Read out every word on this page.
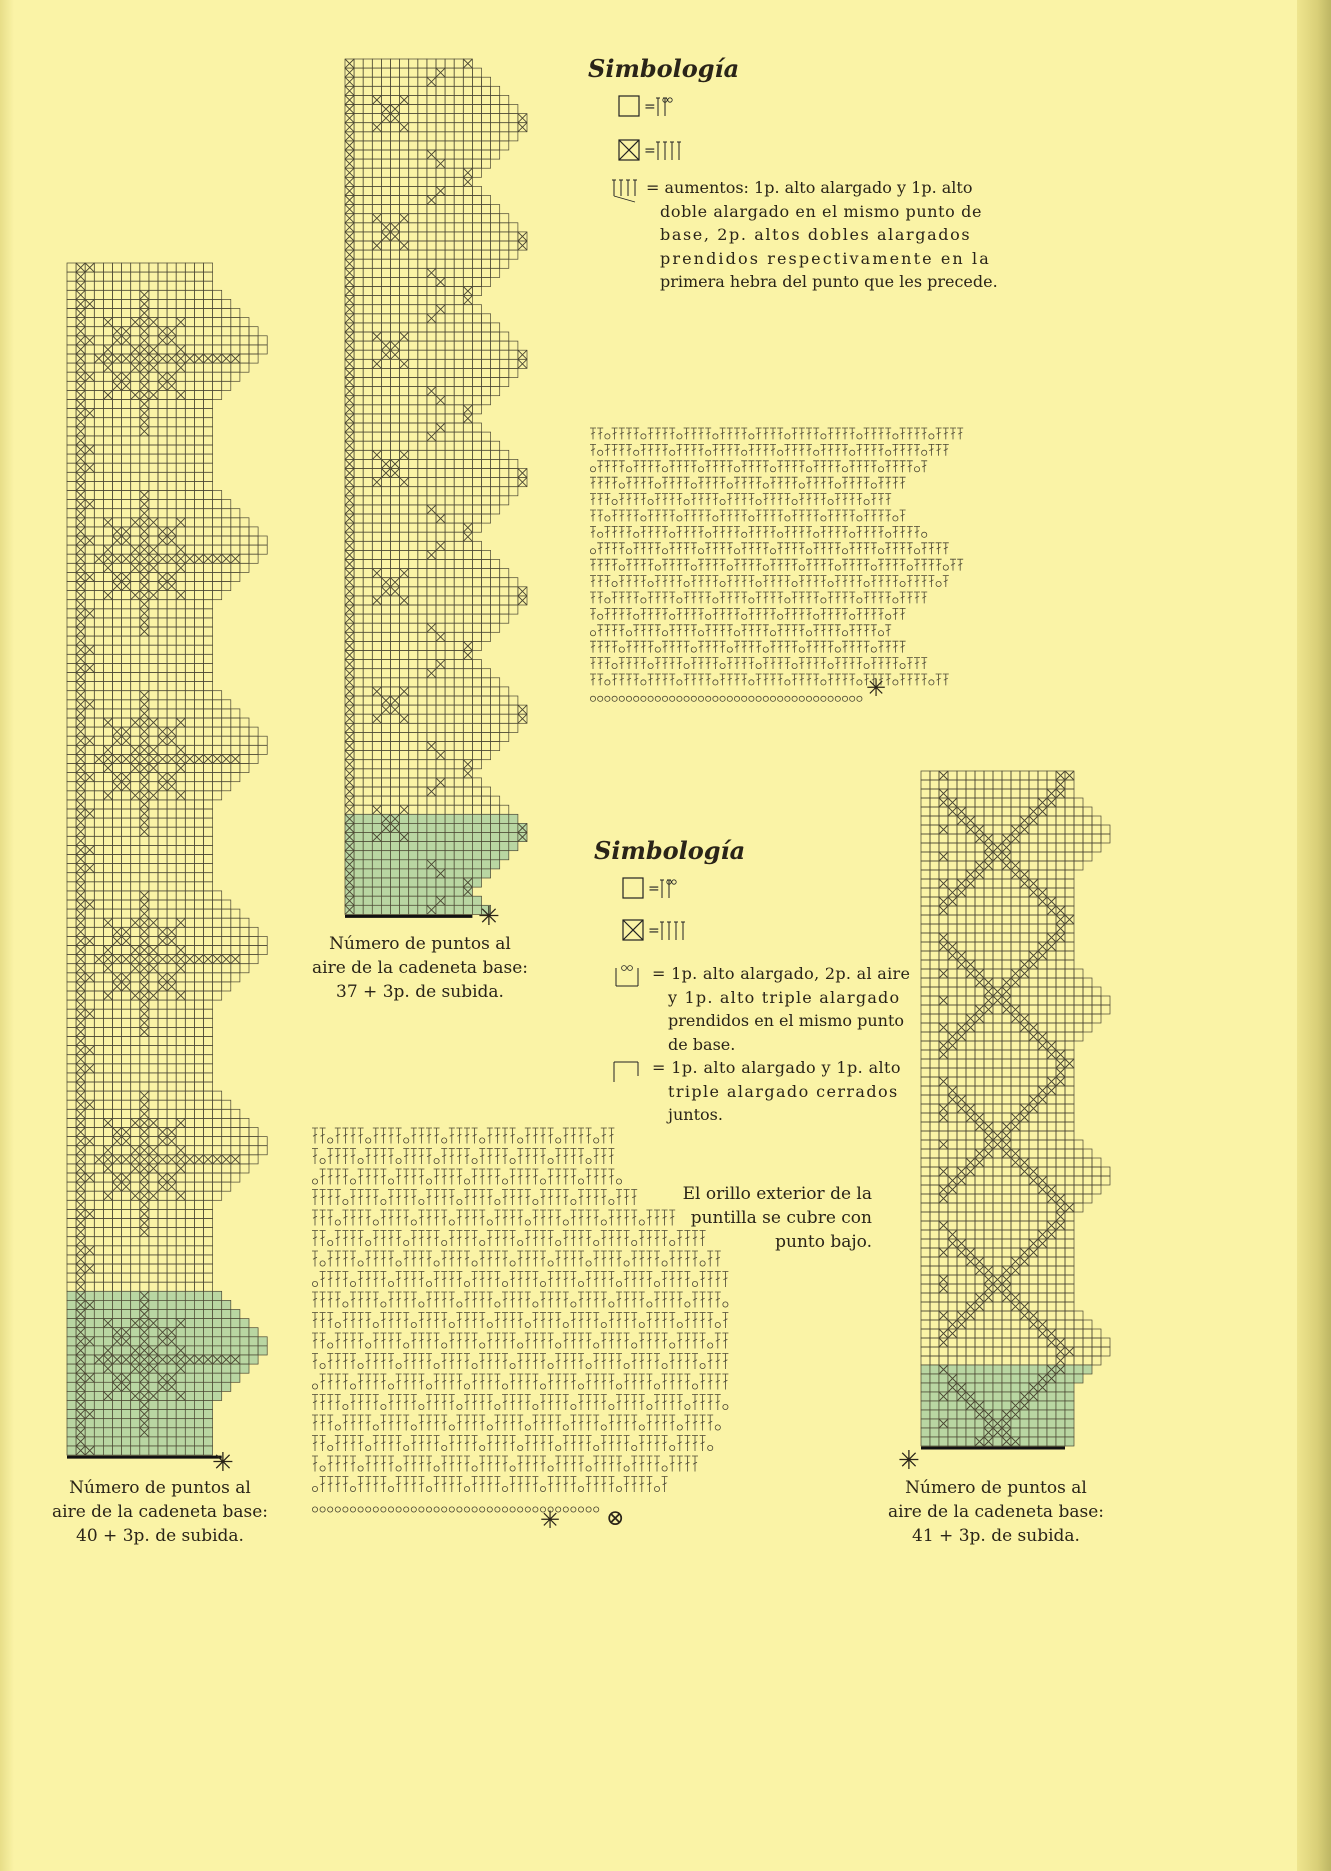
✳
✳
✳
✳
✳ ⊗
Número de puntos al
aire de la cadeneta base:
40 + 3p. de subida.
Número de puntos al
aire de la cadeneta base:
37 + 3p. de subida.
Número de puntos al
aire de la cadeneta base:
41 + 3p. de subida.
Simbología
=
=
= aumentos: 1p. alto alargado y 1p. alto
doble alargado en el mismo punto de
base, 2p. altos dobles alargados
prendidos respectivamente en la
primera hebra del punto que les precede.
Simbología
=
=
= 1p. alto alargado, 2p. al aire
y 1p. alto triple alargado
prendidos en el mismo punto
de base.
= 1p. alto alargado y 1p. alto
triple alargado cerrados
juntos.
El orillo exterior de la
puntilla se cubre con
punto bajo.
